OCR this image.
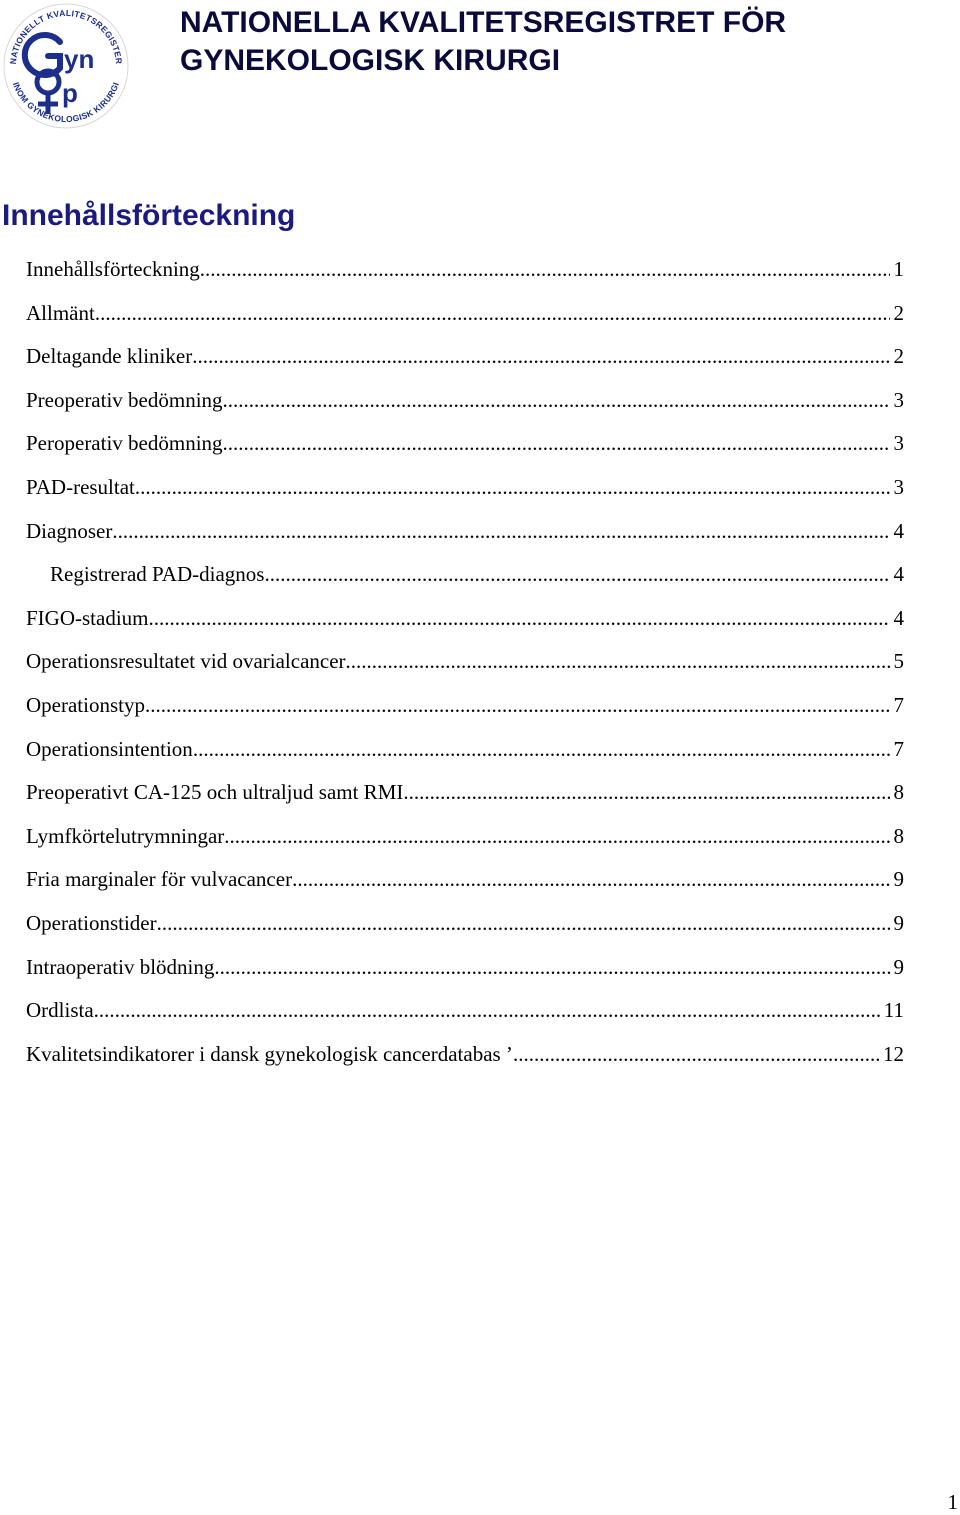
NATIONELLT KVALITETSREGISTER
INOM GYNEKOLOGISK KIRURGI
yn
p
NATIONELLA KVALITETSREGISTRET FÖR
GYNEKOLOGISK KIRURGI
Innehållsförteckning
Innehållsförteckning .....	1
Allmänt .....	2
Deltagande kliniker .....	2
Preoperativ bedömning .....	3
Peroperativ bedömning .....	3
PAD-resultat .....	3
Diagnoser .....	4
Registrerad PAD-diagnos .....	4
FIGO-stadium .....	4
Operationsresultatet vid ovarialcancer .....	5
Operationstyp .....	7
Operationsintention .....	7
Preoperativt CA-125 och ultraljud samt RMI .....	8
Lymfkörtelutrymningar .....	8
Fria marginaler för vulvacancer .....	9
Operationstider .....	9
Intraoperativ blödning .....	9
Ordlista .....	11
Kvalitetsindikatorer i dansk gynekologisk cancerdatabas ’ .....	12
1
